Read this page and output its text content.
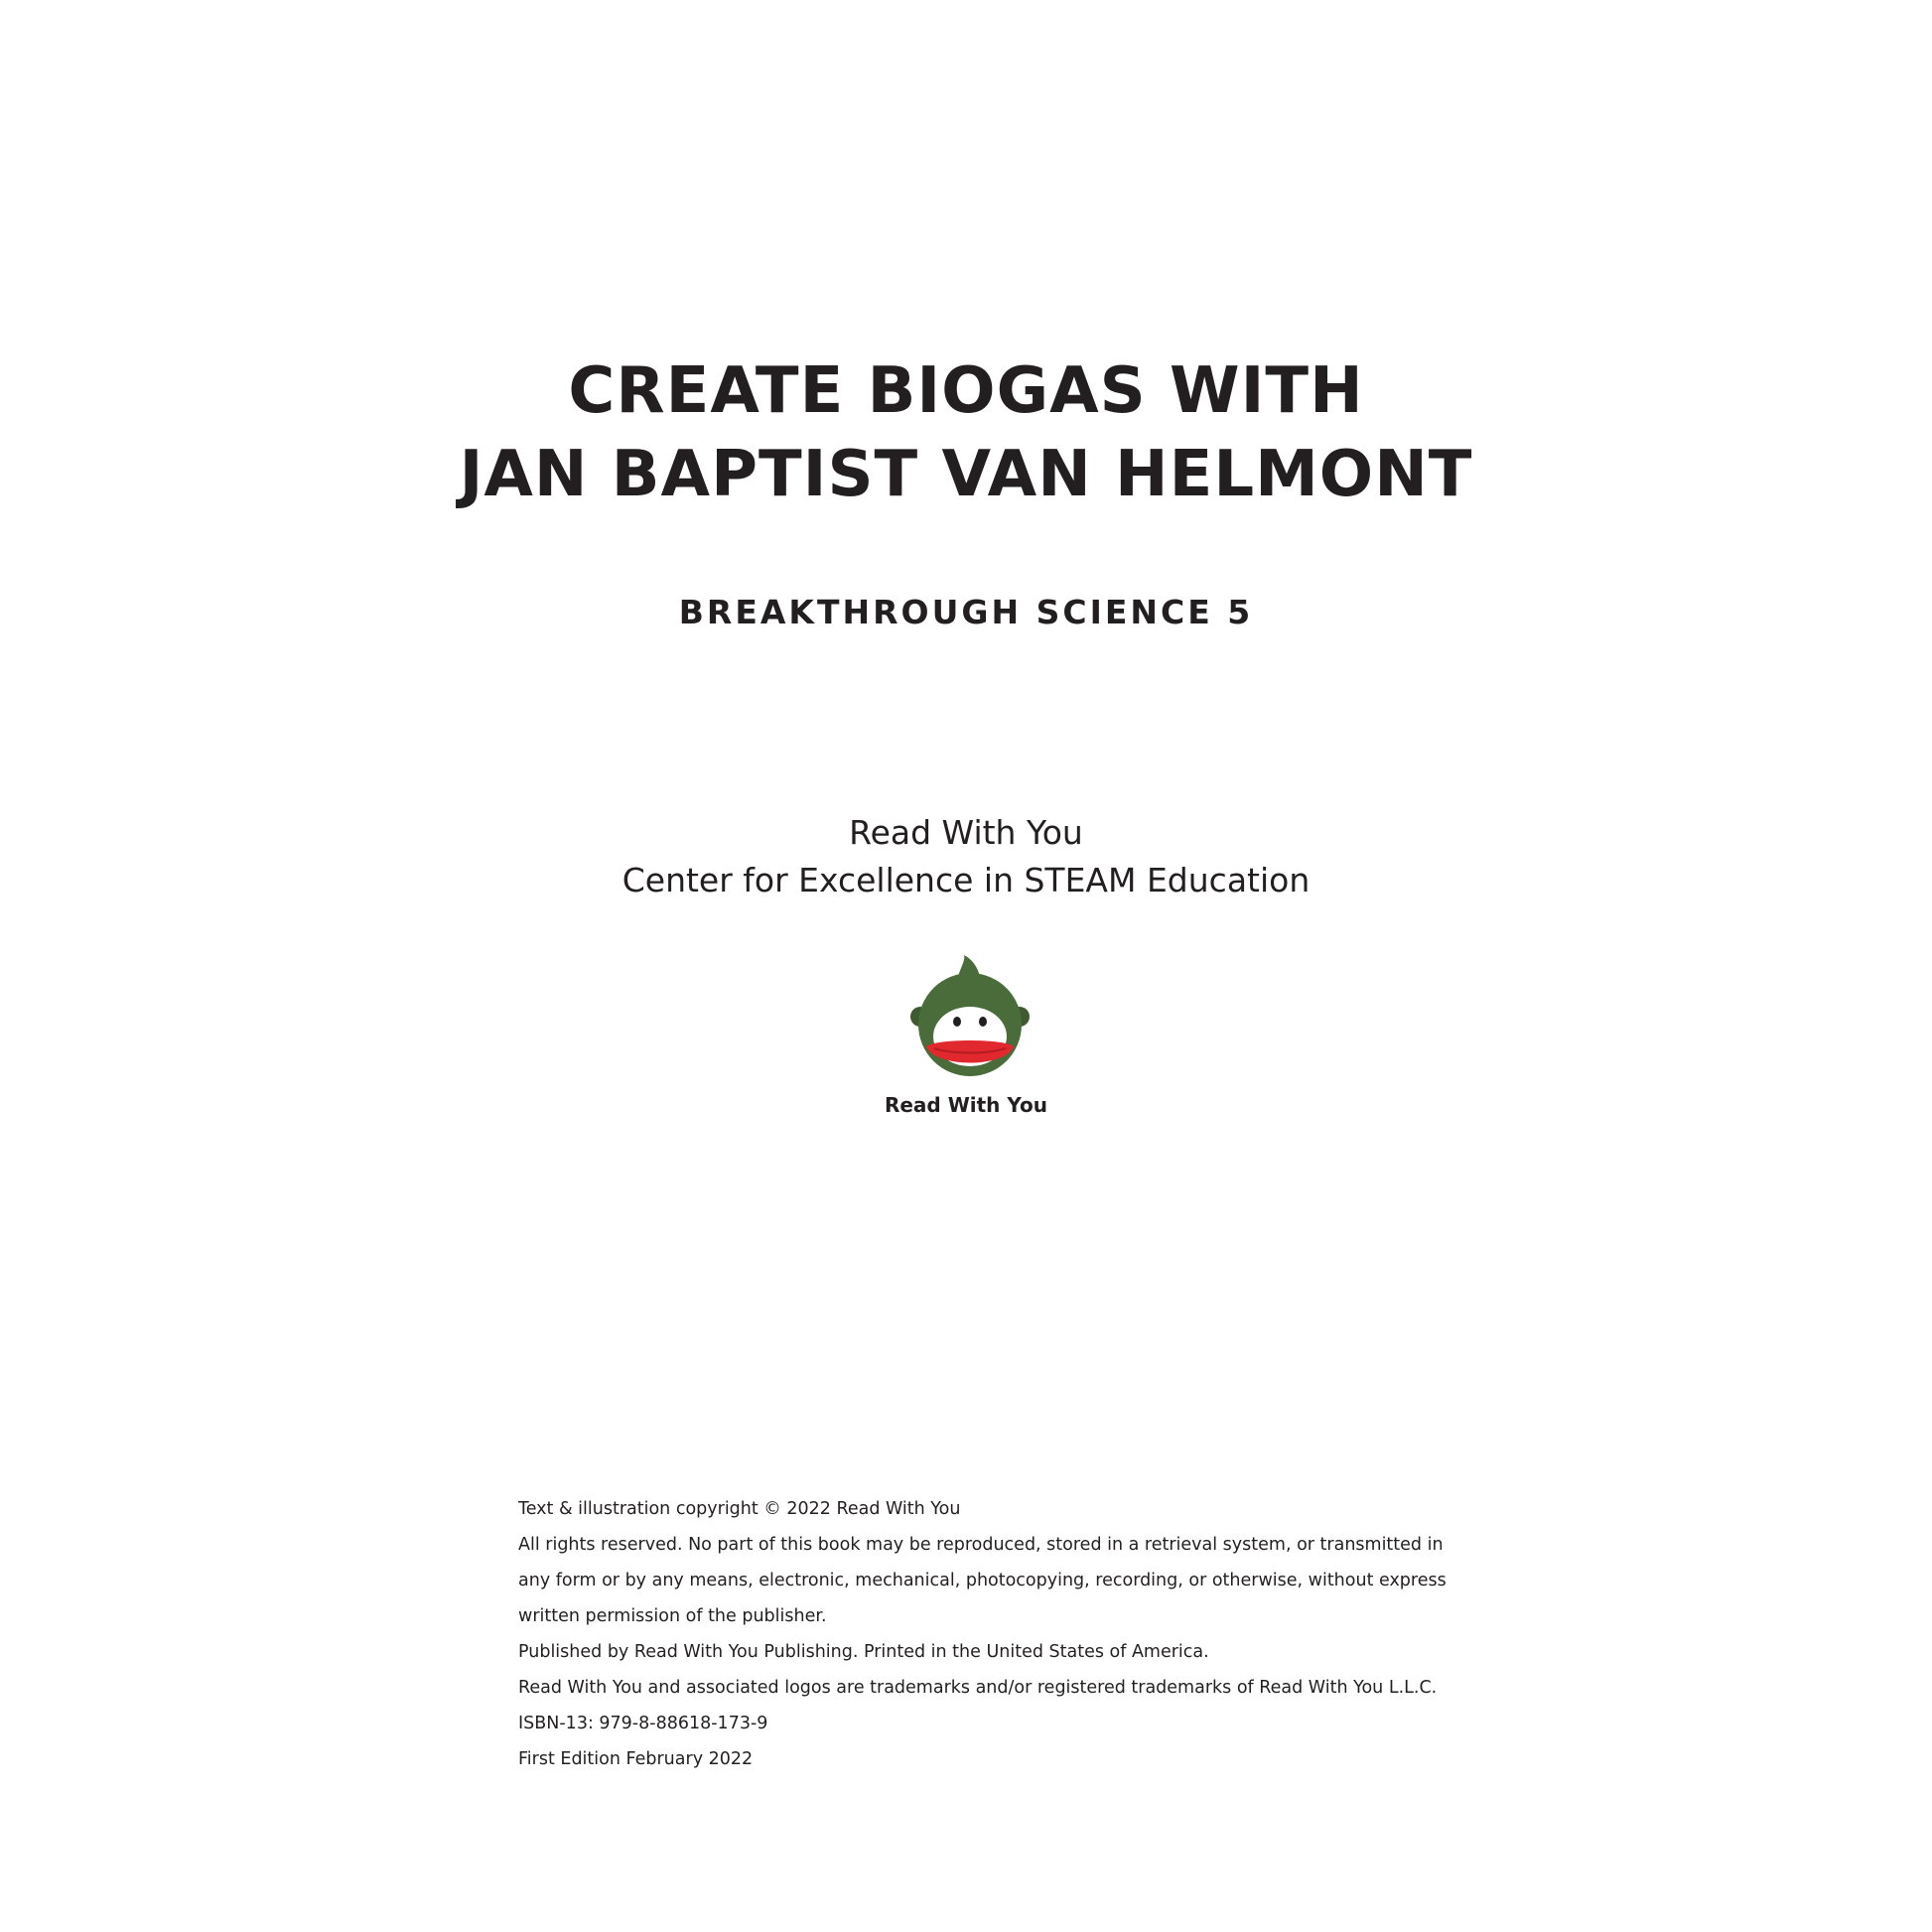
CREATE BIOGAS WITH
JAN BAPTIST VAN HELMONT
BREAKTHROUGH SCIENCE 5
Read With You
Center for Excellence in STEAM Education
Read With You
Text & illustration copyright © 2022 Read With You
All rights reserved. No part of this book may be reproduced, stored in a retrieval system, or transmitted in
any form or by any means, electronic, mechanical, photocopying, recording, or otherwise, without express
written permission of the publisher.
Published by Read With You Publishing. Printed in the United States of America.
Read With You and associated logos are trademarks and/or registered trademarks of Read With You L.L.C.
ISBN-13: 979-8-88618-173-9
First Edition February 2022
